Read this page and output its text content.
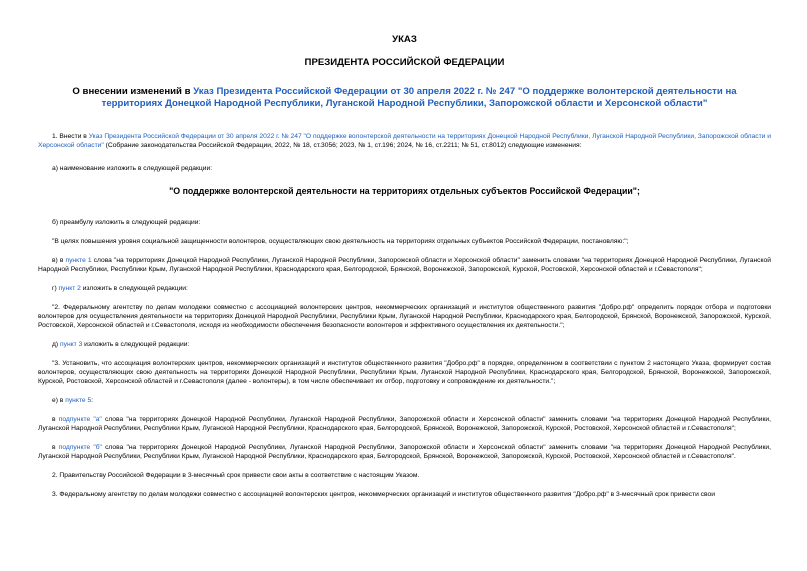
УКАЗ
ПРЕЗИДЕНТА РОССИЙСКОЙ ФЕДЕРАЦИИ
О внесении изменений в Указ Президента Российской Федерации от 30 апреля 2022 г. № 247 "О поддержке волонтерской деятельности на территориях Донецкой Народной Республики, Луганской Народной Республики, Запорожской области и Херсонской области"

1. Внести в Указ Президента Российской Федерации от 30 апреля 2022 г. № 247 "О поддержке волонтерской деятельности на территориях Донецкой Народной Республики, Луганской Народной Республики, Запорожской области и Херсонской области" (Собрание законодательства Российской Федерации, 2022, № 18, ст.3056; 2023, № 1, ст.196; 2024, № 16, ст.2211; № 51, ст.8012) следующие изменения:

а) наименование изложить в следующей редакции:

"О поддержке волонтерской деятельности на территориях отдельных субъектов Российской Федерации";

б) преамбулу изложить в следующей редакции:

"В целях повышения уровня социальной защищенности волонтеров, осуществляющих свою деятельность на территориях отдельных субъектов Российской Федерации, постановляю:";

в) в пункте 1 слова "на территориях Донецкой Народной Республики, Луганской Народной Республики, Запорожской области и Херсонской области" заменить словами "на территориях Донецкой Народной Республики, Луганской Народной Республики, Республики Крым, Луганской Народной Республики, Краснодарского края, Белгородской, Брянской, Воронежской, Запорожской, Курской, Ростовской, Херсонской областей и г.Севастополя";

г) пункт 2 изложить в следующей редакции:

"2. Федеральному агентству по делам молодежи совместно с ассоциацией волонтерских центров, некоммерческих организаций и институтов общественного развития "Добро.рф" определить порядок отбора и подготовки волонтеров для осуществления деятельности на территориях Донецкой Народной Республики, Республики Крым, Луганской Народной Республики, Краснодарского края, Белгородской, Брянской, Воронежской, Запорожской, Курской, Ростовской, Херсонской областей и г.Севастополя, исходя из необходимости обеспечения безопасности волонтеров и эффективного осуществления их деятельности.";

д) пункт 3 изложить в следующей редакции:

"3. Установить, что ассоциация волонтерских центров, некоммерческих организаций и институтов общественного развития "Добро.рф" в порядке, определенном в соответствии с пунктом 2 настоящего Указа, формирует состав волонтеров, осуществляющих свою деятельность на территориях Донецкой Народной Республики, Республики Крым, Луганской Народной Республики, Краснодарского края, Белгородской, Брянской, Воронежской, Запорожской, Курской, Ростовской, Херсонской областей и г.Севастополя (далее - волонтеры), в том числе обеспечивает их отбор, подготовку и сопровождение их деятельности.";

е) в пункте 5:

в подпункте "а" слова "на территориях Донецкой Народной Республики, Луганской Народной Республики, Запорожской области и Херсонской области" заменить словами "на территориях Донецкой Народной Республики, Луганской Народной Республики, Республики Крым, Луганской Народной Республики, Краснодарского края, Белгородской, Брянской, Воронежской, Запорожской, Курской, Ростовской, Херсонской областей и г.Севастополя";

в подпункте "б" слова "на территориях Донецкой Народной Республики, Луганской Народной Республики, Запорожской области и Херсонской области" заменить словами "на территориях Донецкой Народной Республики, Луганской Народной Республики, Республики Крым, Луганской Народной Республики, Краснодарского края, Белгородской, Брянской, Воронежской, Запорожской, Курской, Ростовской, Херсонской областей и г.Севастополя".

2. Правительству Российской Федерации в 3-месячный срок привести свои акты в соответствие с настоящим Указом.

3. Федеральному агентству по делам молодежи совместно с ассоциацией волонтерских центров, некоммерческих организаций и институтов общественного развития "Добро.рф" в 3-месячный срок привести свои
